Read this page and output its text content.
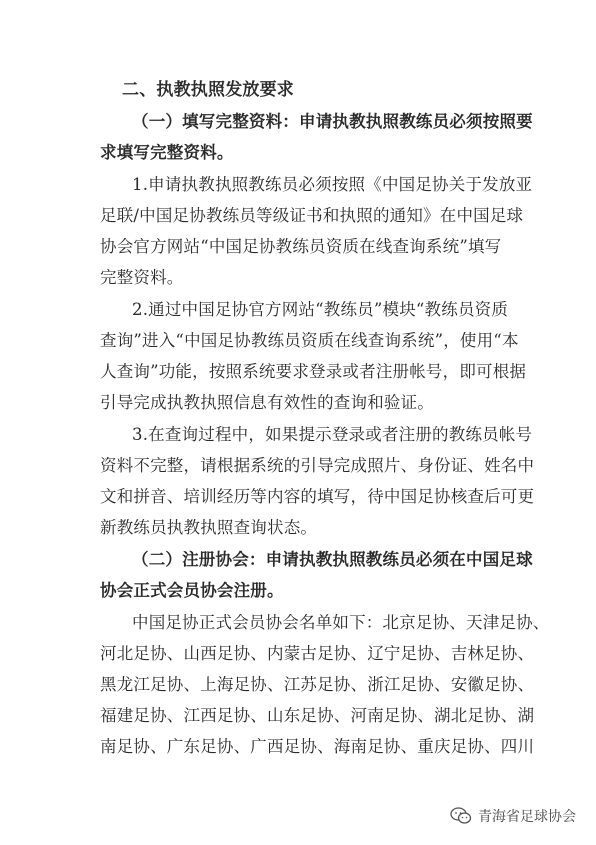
二、执教执照发放要求
（一）填写完整资料：申请执教执照教练员必须按照要
求填写完整资料。
1.申请执教执照教练员必须按照《中国足协关于发放亚
足联/中国足协教练员等级证书和执照的通知》在中国足球
协会官方网站“中国足协教练员资质在线查询系统”填写
完整资料。
2.通过中国足协官方网站“教练员”模块“教练员资质
查询”进入“中国足协教练员资质在线查询系统”，使用“本
人查询”功能，按照系统要求登录或者注册帐号，即可根据
引导完成执教执照信息有效性的查询和验证。
3.在查询过程中，如果提示登录或者注册的教练员帐号
资料不完整，请根据系统的引导完成照片、身份证、姓名中
文和拼音、培训经历等内容的填写，待中国足协核查后可更
新教练员执教执照查询状态。
（二）注册协会：申请执教执照教练员必须在中国足球
协会正式会员协会注册。
中国足协正式会员协会名单如下：北京足协、天津足协、
河北足协、山西足协、内蒙古足协、辽宁足协、吉林足协、
黑龙江足协、上海足协、江苏足协、浙江足协、安徽足协、
福建足协、江西足协、山东足协、河南足协、湖北足协、湖
南足协、广东足协、广西足协、海南足协、重庆足协、四川
青海省足球协会
